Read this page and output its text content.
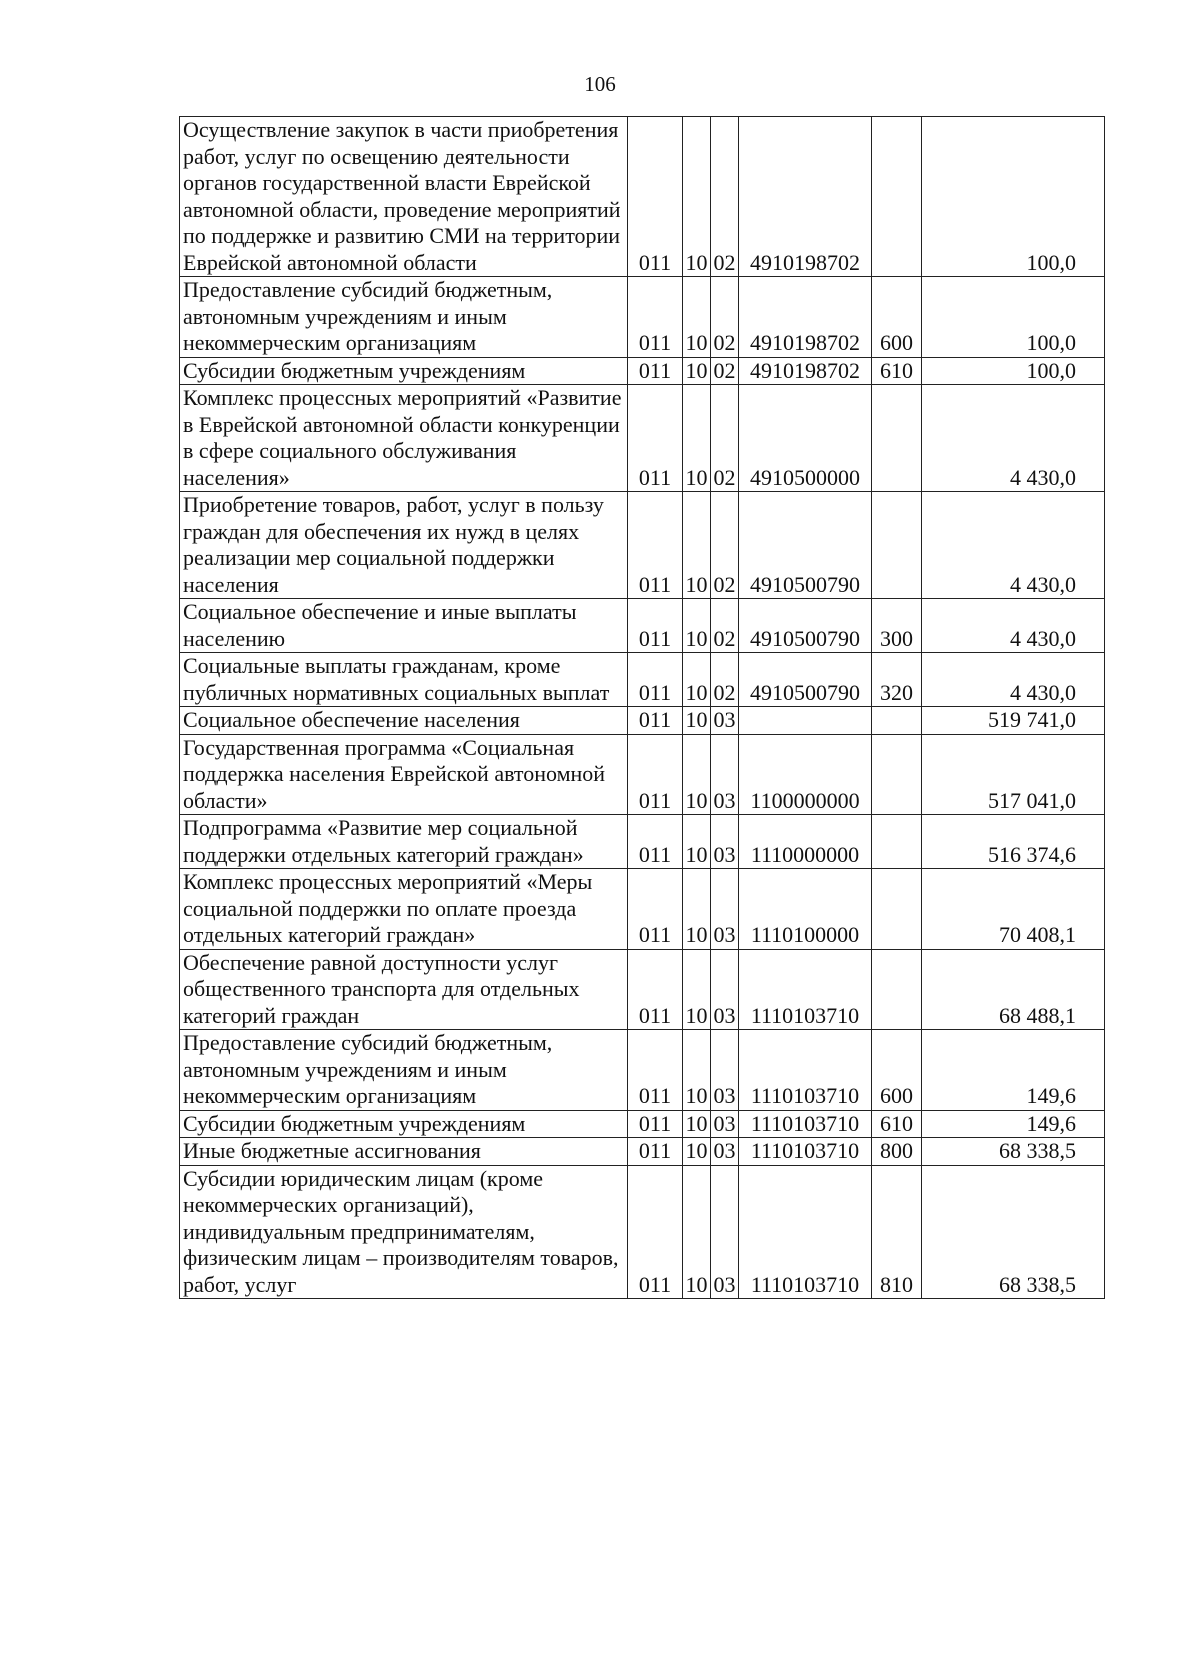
106
Осуществление закупок в части приобретения работ, услуг по освещению деятельности органов государственной власти Еврейской автономной области, проведение мероприятий по поддержке и развитию СМИ на территории Еврейской автономной области	011	10	02	4910198702		100,0
Предоставление субсидий бюджетным, автономным учреждениям и иным некоммерческим организациям	011	10	02	4910198702	600	100,0
Субсидии бюджетным учреждениям	011	10	02	4910198702	610	100,0
Комплекс процессных мероприятий «Развитие в Еврейской автономной области конкуренции в сфере социального обслуживания населения»	011	10	02	4910500000		4 430,0
Приобретение товаров, работ, услуг в пользу граждан для обеспечения их нужд в целях реализации мер социальной поддержки населения	011	10	02	4910500790		4 430,0
Социальное обеспечение и иные выплаты населению	011	10	02	4910500790	300	4 430,0
Социальные выплаты гражданам, кроме публичных нормативных социальных выплат	011	10	02	4910500790	320	4 430,0
Социальное обеспечение населения	011	10	03			519 741,0
Государственная программа «Социальная поддержка населения Еврейской автономной области»	011	10	03	1100000000		517 041,0
Подпрограмма «Развитие мер социальной поддержки отдельных категорий граждан»	011	10	03	1110000000		516 374,6
Комплекс процессных мероприятий «Меры социальной поддержки по оплате проезда отдельных категорий граждан»	011	10	03	1110100000		70 408,1
Обеспечение равной доступности услуг общественного транспорта для отдельных категорий граждан	011	10	03	1110103710		68 488,1
Предоставление субсидий бюджетным, автономным учреждениям и иным некоммерческим организациям	011	10	03	1110103710	600	149,6
Субсидии бюджетным учреждениям	011	10	03	1110103710	610	149,6
Иные бюджетные ассигнования	011	10	03	1110103710	800	68 338,5
Субсидии юридическим лицам (кроме некоммерческих организаций), индивидуальным предпринимателям, физическим лицам – производителям товаров, работ, услуг	011	10	03	1110103710	810	68 338,5
